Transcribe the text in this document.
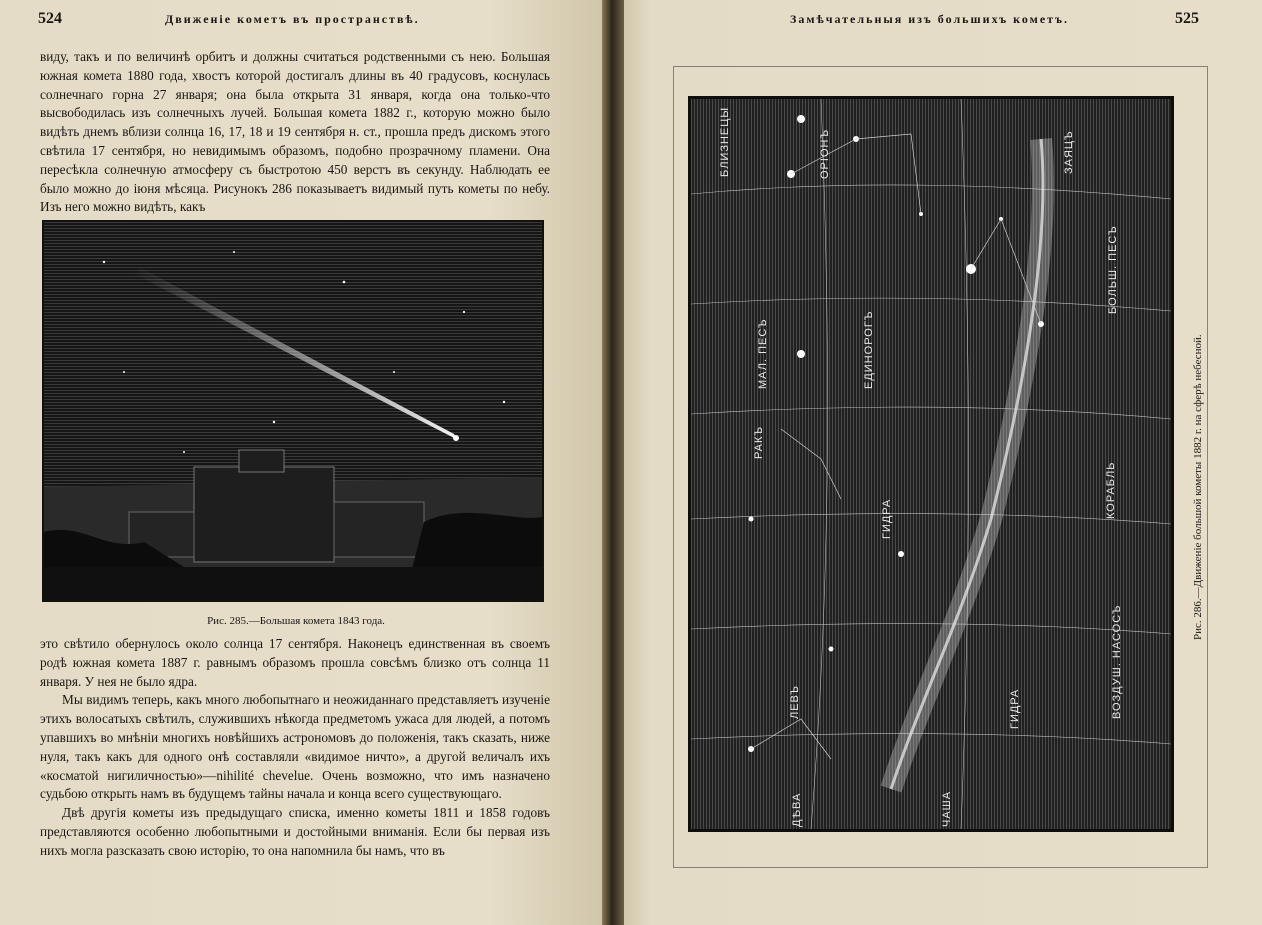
524	Движеніе кометъ въ пространствѣ.

виду, такъ и по величинѣ орбитъ и должны считаться родственными съ нею. Большая южная комета 1880 года, хвостъ которой достигалъ длины въ 40 градусовъ, коснулась солнечнаго горна 27 января; она была открыта 31 января, когда она только-что высвободилась изъ солнечныхъ лучей. Большая комета 1882 г., которую можно было видѣть днемъ вблизи солнца 16, 17, 18 и 19 сентября н. ст., прошла предъ дискомъ этого свѣтила 17 сентября, но невидимымъ образомъ, подобно прозрачному пламени. Она пересѣкла солнечную атмосферу съ быстротою 450 верстъ въ секунду. Наблюдать ее было можно до іюня мѣсяца. Рисунокъ 286 показываетъ видимый путь кометы по небу. Изъ него можно видѣть, какъ

Рис. 285.—Большая комета 1843 года.

это свѣтило обернулось около солнца 17 сентября. Наконецъ единственная въ своемъ родѣ южная комета 1887 г. равнымъ образомъ прошла совсѣмъ близко отъ солнца 11 января. У нея не было ядра.

Мы видимъ теперь, какъ много любопытнаго и неожиданнаго представляетъ изученіе этихъ волосатыхъ свѣтилъ, служившихъ нѣкогда предметомъ ужаса для людей, а потомъ упавшихъ во мнѣніи многихъ новѣйшихъ астрономовъ до положенія, такъ сказать, ниже нуля, такъ какъ для одного онѣ составляли «видимое ничто», а другой величалъ ихъ «косматой нигиличностью»—nihilité chevelue. Очень возможно, что имъ назначено судьбою открыть намъ въ будущемъ тайны начала и конца всего существующаго.

Двѣ другія кометы изъ предыдущаго списка, именно кометы 1811 и 1858 годовъ представляются особенно любопытными и достойными вниманія. Если бы первая изъ нихъ могла разсказать свою исторію, то она напомнила бы намъ, что въ

Замѣчательныя изъ большихъ кометъ.	525
БЛИЗНЕЦЫ	ОРІОНЪ	ЗАЯЦЪ
МАЛ. ПЕСЪ	ЕДИНОРОГЪ
БОЛЬШ. ПЕСЪ
РАКЪ
ГИДРА	КОРАБЛЬ
ЛЕВЪ	ГИДРА	ВОЗДУШ. НАСОСЪ
ДѢВА	ЧАША
Рис. 286.—Движеніе большой кометы 1882 г. на сферѣ небесной.
